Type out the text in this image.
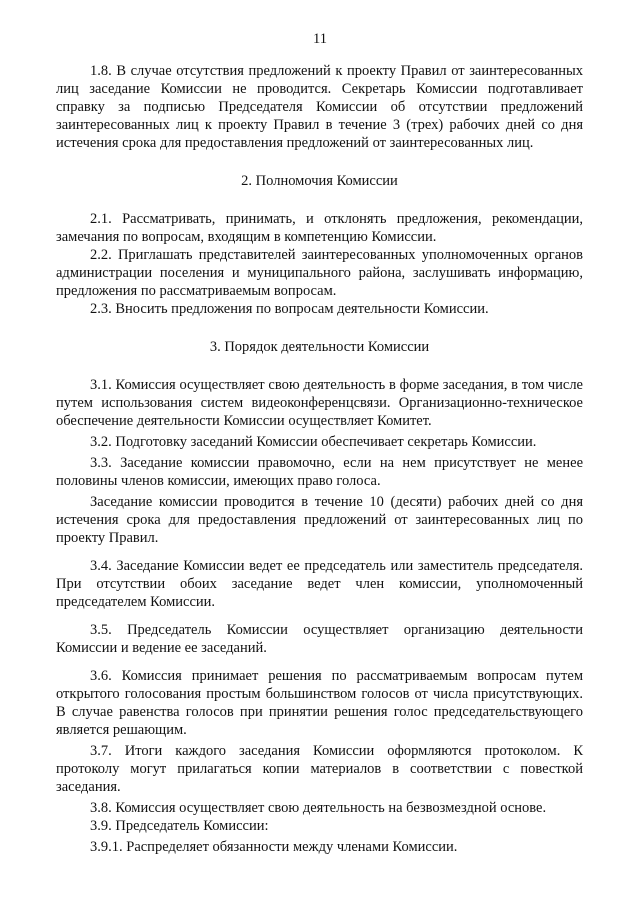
11

1.8. В случае отсутствия предложений к проекту Правил от заинтересованных лиц заседание Комиссии не проводится. Секретарь Комиссии подготавливает справку за подписью Председателя Комиссии об отсутствии предложений заинтересованных лиц к проекту Правил в течение 3 (трех) рабочих дней со дня истечения срока для предоставления предложений от заинтересованных лиц.

2. Полномочия Комиссии

2.1. Рассматривать, принимать, и отклонять предложения, рекомендации, замечания по вопросам, входящим в компетенцию Комиссии.

2.2. Приглашать представителей заинтересованных уполномоченных органов администрации поселения и муниципального района, заслушивать информацию, предложения по рассматриваемым вопросам.

2.3. Вносить предложения по вопросам деятельности Комиссии.

3. Порядок деятельности Комиссии

3.1. Комиссия осуществляет свою деятельность в форме заседания, в том числе путем использования систем видеоконференцсвязи. Организационно-техническое обеспечение деятельности Комиссии осуществляет Комитет.

3.2. Подготовку заседаний Комиссии обеспечивает секретарь Комиссии.

3.3. Заседание комиссии правомочно, если на нем присутствует не менее половины членов комиссии, имеющих право голоса.

Заседание комиссии проводится в течение 10 (десяти) рабочих дней со дня истечения срока для предоставления предложений от заинтересованных лиц по проекту Правил.

3.4. Заседание Комиссии ведет ее председатель или заместитель председателя. При отсутствии обоих заседание ведет член комиссии, уполномоченный председателем Комиссии.

3.5. Председатель Комиссии осуществляет организацию деятельности Комиссии и ведение ее заседаний.

3.6. Комиссия принимает решения по рассматриваемым вопросам путем открытого голосования простым большинством голосов от числа присутствующих. В случае равенства голосов при принятии решения голос председательствующего является решающим.

3.7. Итоги каждого заседания Комиссии оформляются протоколом. К протоколу могут прилагаться копии материалов в соответствии с повесткой заседания.

3.8. Комиссия осуществляет свою деятельность на безвозмездной основе.

3.9. Председатель Комиссии:

3.9.1. Распределяет обязанности между членами Комиссии.
